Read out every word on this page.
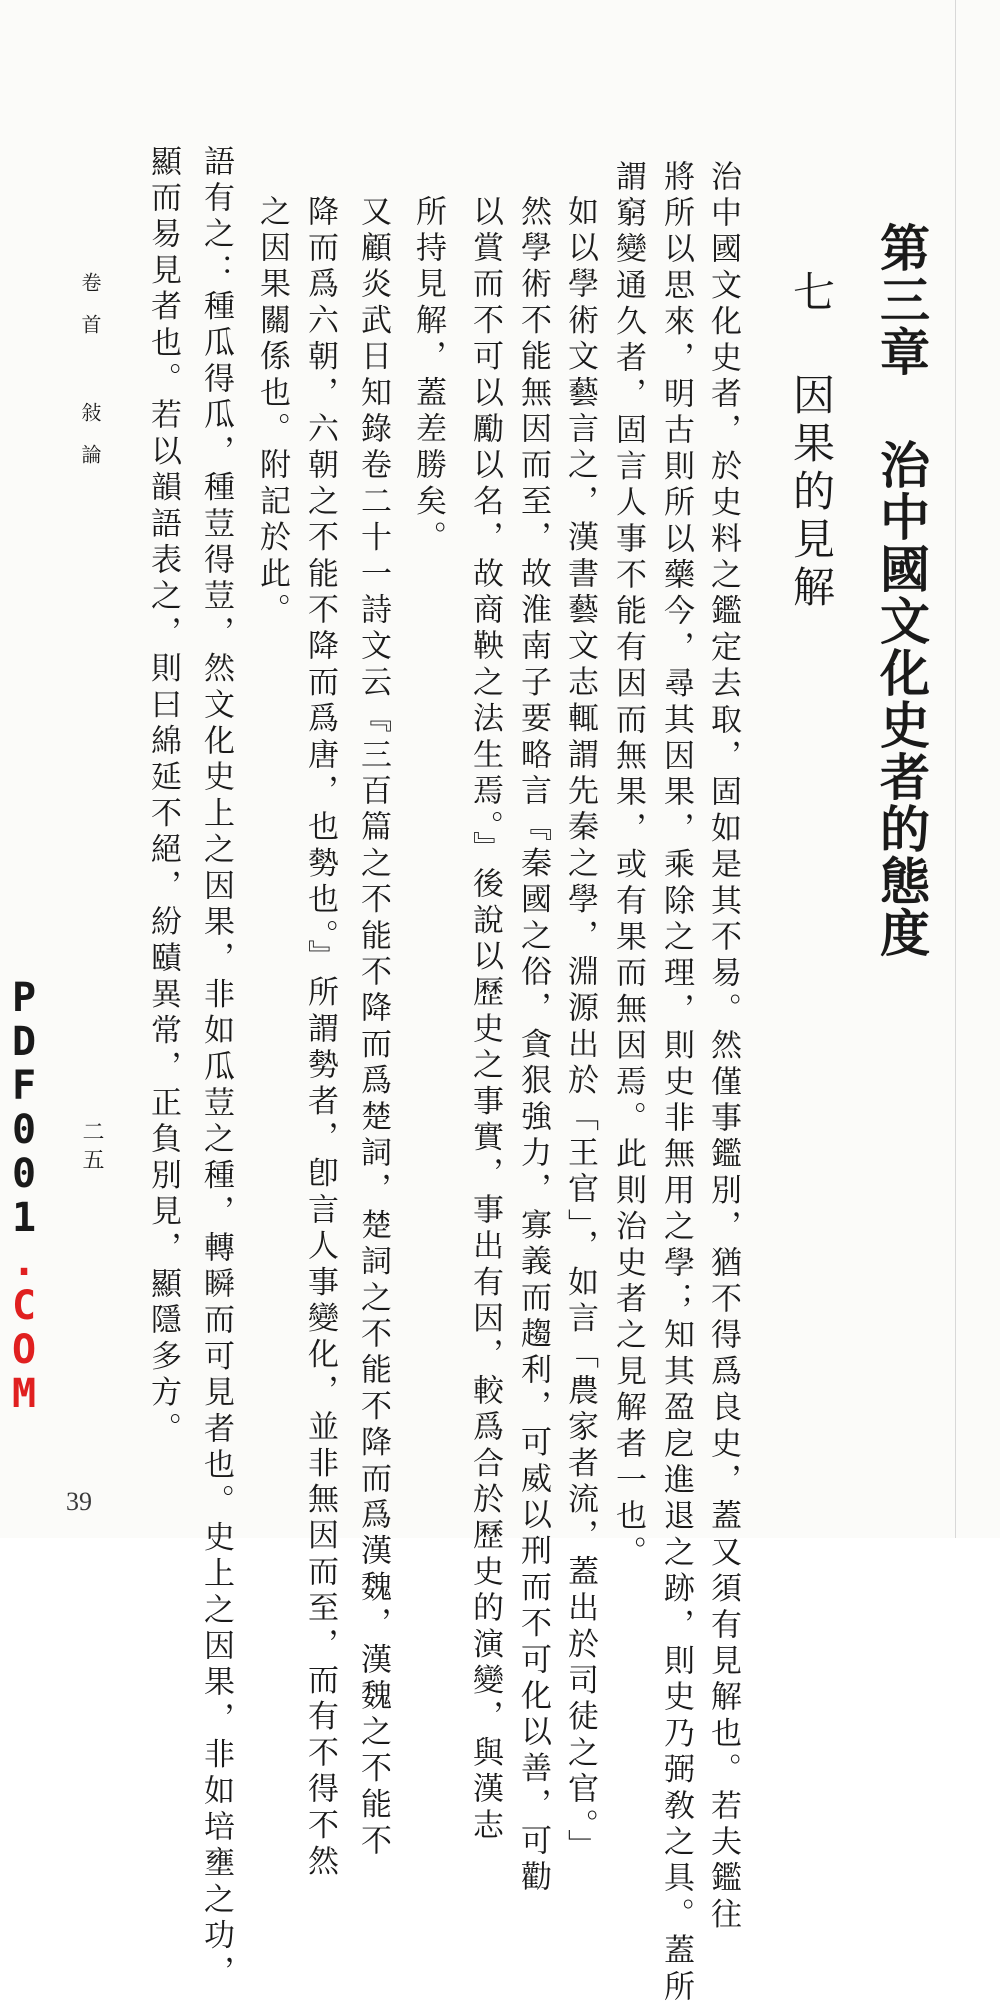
第三章 治中國文化史者的態度
七 因果的見解
治中國文化史者，於史料之鑑定去取，固如是其不易。然僅事鑑別，猶不得爲良史，蓋又須有見解也。若夫鑑往
將所以思來，明古則所以藥今，尋其因果，乘除之理，則史非無用之學；知其盈戹進退之跡，則史乃弼敎之具。蓋所
謂窮變通久者，固言人事不能有因而無果，或有果而無因焉。此則治史者之見解者一也。
如以學術文藝言之，漢書藝文志輒謂先秦之學，淵源出於「王官」，如言「農家者流，蓋出於司徒之官。」
然學術不能無因而至，故淮南子要略言『秦國之俗，貪狠強力，寡義而趨利，可威以刑而不可化以善，可勸
以賞而不可以勵以名，故商鞅之法生焉。』後說以歷史之事實，事出有因，較爲合於歷史的演變，與漢志
所持見解，蓋差勝矣。
又顧炎武日知錄卷二十一詩文云『三百篇之不能不降而爲楚詞，楚詞之不能不降而爲漢魏，漢魏之不能不
降而爲六朝，六朝之不能不降而爲唐，也勢也。』所謂勢者，卽言人事變化，並非無因而至，而有不得不然
之因果關係也。附記於此。
語有之：種瓜得瓜，種荳得荳，然文化史上之因果，非如瓜荳之種，轉瞬而可見者也。史上之因果，非如培壅之功，
顯而易見者也。若以韻語表之，則曰綿延不絕，紛賾異常，正負別見，顯隱多方。
卷首 敍論
二五
PDF001.COM
39
